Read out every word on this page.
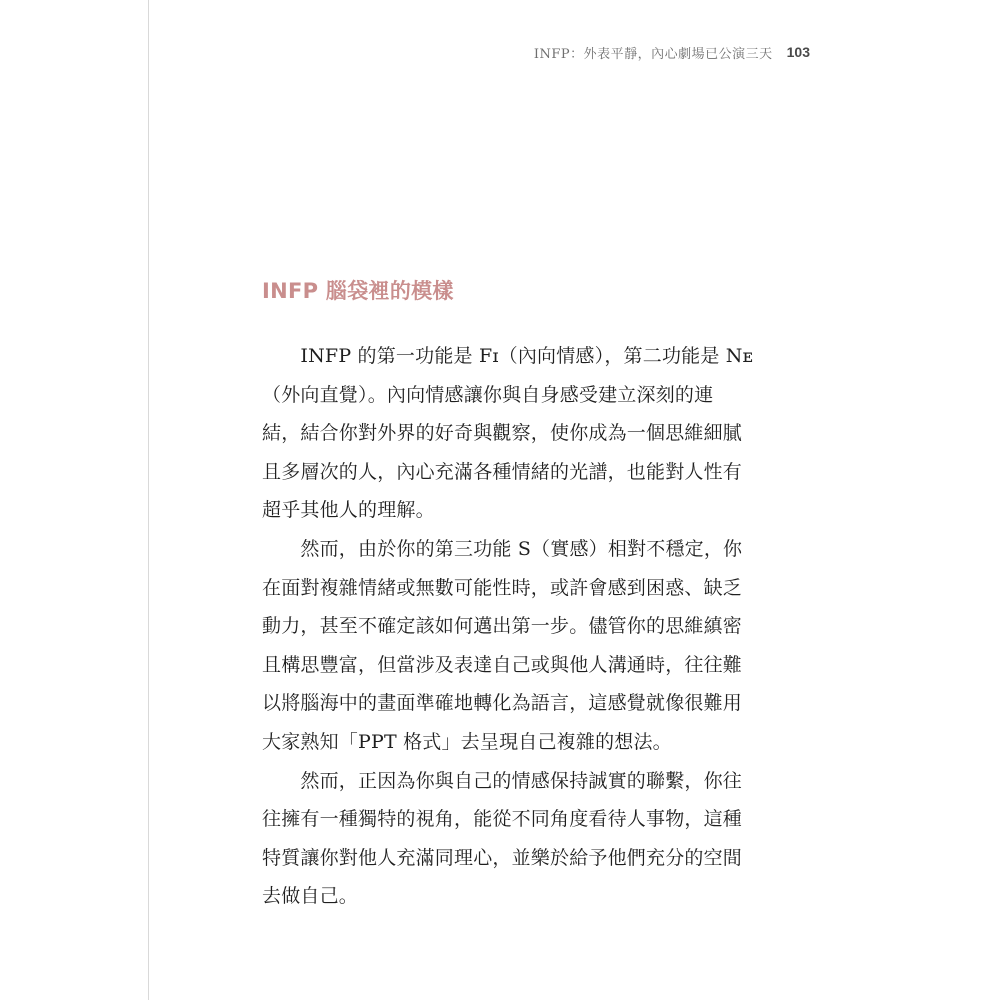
INFP：外表平靜，內心劇場已公演三天 103
INFP 腦袋裡的模樣
　　INFP 的第一功能是 Fɪ（內向情感），第二功能是 Nᴇ
（外向直覺）。內向情感讓你與自身感受建立深刻的連
結，結合你對外界的好奇與觀察，使你成為一個思維細膩
且多層次的人，內心充滿各種情緒的光譜，也能對人性有
超乎其他人的理解。
　　然而，由於你的第三功能 S（實感）相對不穩定，你
在面對複雜情緒或無數可能性時，或許會感到困惑、缺乏
動力，甚至不確定該如何邁出第一步。儘管你的思維縝密
且構思豐富，但當涉及表達自己或與他人溝通時，往往難
以將腦海中的畫面準確地轉化為語言，這感覺就像很難用
大家熟知「PPT 格式」去呈現自己複雜的想法。
　　然而，正因為你與自己的情感保持誠實的聯繫，你往
往擁有一種獨特的視角，能從不同角度看待人事物，這種
特質讓你對他人充滿同理心，並樂於給予他們充分的空間
去做自己。
